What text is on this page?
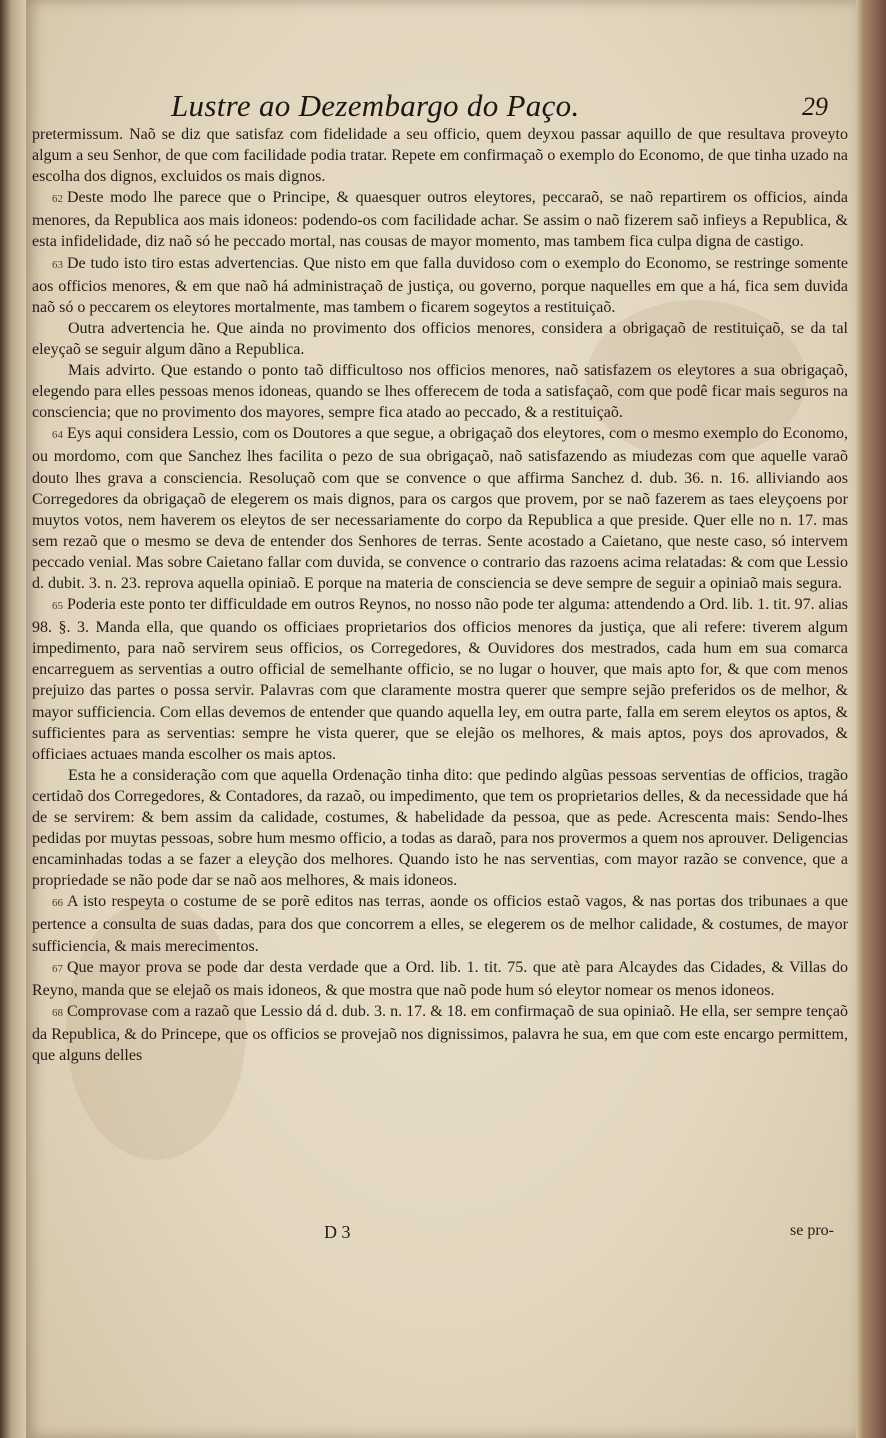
Lustre ao Dezembargo do Paço.	29

pretermissum. Naõ se diz que satisfaz com fidelidade a seu officio, quem deyxou passar aquillo de que resultava proveyto algum a seu Senhor, de que com facilidade podia tratar. Repete em confirmaçaõ o exemplo do Economo, de que tinha uzado na escolha dos dignos, excluidos os mais dignos.

62 Deste modo lhe parece que o Principe, & quaesquer outros eleytores, peccaraõ, se naõ repartirem os officios, ainda menores, da Republica aos mais idoneos: podendo-os com facilidade achar. Se assim o naõ fizerem saõ infieys a Republica, & esta infidelidade, diz naõ só he peccado mortal, nas cousas de mayor momento, mas tambem fica culpa digna de castigo.

63 De tudo isto tiro estas advertencias. Que nisto em que falla duvidoso com o exemplo do Economo, se restringe somente aos officios menores, & em que naõ há administraçaõ de justiça, ou governo, porque naquelles em que a há, fica sem duvida naõ só o peccarem os eleytores mortalmente, mas tambem o ficarem sogeytos a restituiçaõ.

Outra advertencia he. Que ainda no provimento dos officios menores, considera a obrigaçaõ de restituiçaõ, se da tal eleyçaõ se seguir algum dãno a Republica.

Mais advirto. Que estando o ponto taõ difficultoso nos officios menores, naõ satisfazem os eleytores a sua obrigaçaõ, elegendo para elles pessoas menos idoneas, quando se lhes offerecem de toda a satisfaçaõ, com que podê ficar mais seguros na consciencia; que no provimento dos mayores, sempre fica atado ao peccado, & a restituiçaõ.

64 Eys aqui considera Lessio, com os Doutores a que segue, a obrigaçaõ dos eleytores, com o mesmo exemplo do Economo, ou mordomo, com que Sanchez lhes facilita o pezo de sua obrigaçaõ, naõ satisfazendo as miudezas com que aquelle varaõ douto lhes grava a consciencia. Resoluçaõ com que se convence o que affirma Sanchez d. dub. 36. n. 16. alliviando aos Corregedores da obrigaçaõ de elegerem os mais dignos, para os cargos que provem, por se naõ fazerem as taes eleyçoens por muytos votos, nem haverem os eleytos de ser necessariamente do corpo da Republica a que preside. Quer elle no n. 17. mas sem rezaõ que o mesmo se deva de entender dos Senhores de terras. Sente acostado a Caietano, que neste caso, só intervem peccado venial. Mas sobre Caietano fallar com duvida, se convence o contrario das razoens acima relatadas: & com que Lessio d. dubit. 3. n. 23. reprova aquella opiniaõ. E porque na materia de consciencia se deve sempre de seguir a opiniaõ mais segura.

65 Poderia este ponto ter difficuldade em outros Reynos, no nosso não pode ter alguma: attendendo a Ord. lib. 1. tit. 97. alias 98. §. 3. Manda ella, que quando os officiaes proprietarios dos officios menores da justiça, que ali refere: tiverem algum impedimento, para naõ servirem seus officios, os Corregedores, & Ouvidores dos mestrados, cada hum em sua comarca encarreguem as serventias a outro official de semelhante officio, se no lugar o houver, que mais apto for, & que com menos prejuizo das partes o possa servir. Palavras com que claramente mostra querer que sempre sejão preferidos os de melhor, & mayor sufficiencia. Com ellas devemos de entender que quando aquella ley, em outra parte, falla em serem eleytos os aptos, & sufficientes para as serventias: sempre he vista querer, que se elejão os melhores, & mais aptos, poys dos aprovados, & officiaes actuaes manda escolher os mais aptos.

Esta he a consideração com que aquella Ordenação tinha dito: que pedindo algũas pessoas serventias de officios, tragão certidaõ dos Corregedores, & Contadores, da razaõ, ou impedimento, que tem os proprietarios delles, & da necessidade que há de se servirem: & bem assim da calidade, costumes, & habelidade da pessoa, que as pede. Acrescenta mais: Sendo-lhes pedidas por muytas pessoas, sobre hum mesmo officio, a todas as daraõ, para nos provermos a quem nos aprouver. Deligencias encaminhadas todas a se fazer a eleyção dos melhores. Quando isto he nas serventias, com mayor razão se convence, que a propriedade se não pode dar se naõ aos melhores, & mais idoneos.

66 A isto respeyta o costume de se porẽ editos nas terras, aonde os officios estaõ vagos, & nas portas dos tribunaes a que pertence a consulta de suas dadas, para dos que concorrem a elles, se elegerem os de melhor calidade, & costumes, de mayor sufficiencia, & mais merecimentos.

67 Que mayor prova se pode dar desta verdade que a Ord. lib. 1. tit. 75. que atè para Alcaydes das Cidades, & Villas do Reyno, manda que se elejaõ os mais idoneos, & que mostra que naõ pode hum só eleytor nomear os menos idoneos.

68 Comprovase com a razaõ que Lessio dá d. dub. 3. n. 17. & 18. em confirmaçaõ de sua opiniaõ. He ella, ser sempre tençaõ da Republica, & do Princepe, que os officios se provejaõ nos dignissimos, palavra he sua, em que com este encargo permittem, que alguns delles

D 3	se pro-
